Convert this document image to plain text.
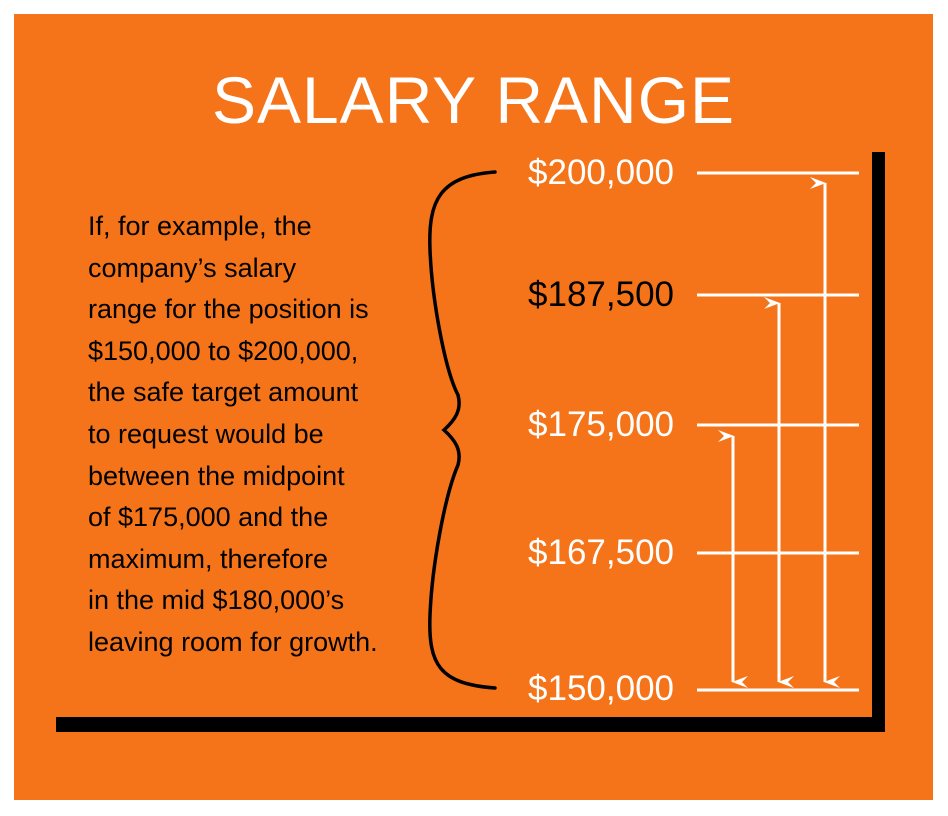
SALARY RANGE

If, for example, the
company’s salary
range for the position is
$150,000 to $200,000,
the safe target amount
to request would be
between the midpoint
of $175,000 and the
maximum, therefore
in the mid $180,000’s
leaving room for growth.

$200,000
$187,500
$175,000
$167,500
$150,000
